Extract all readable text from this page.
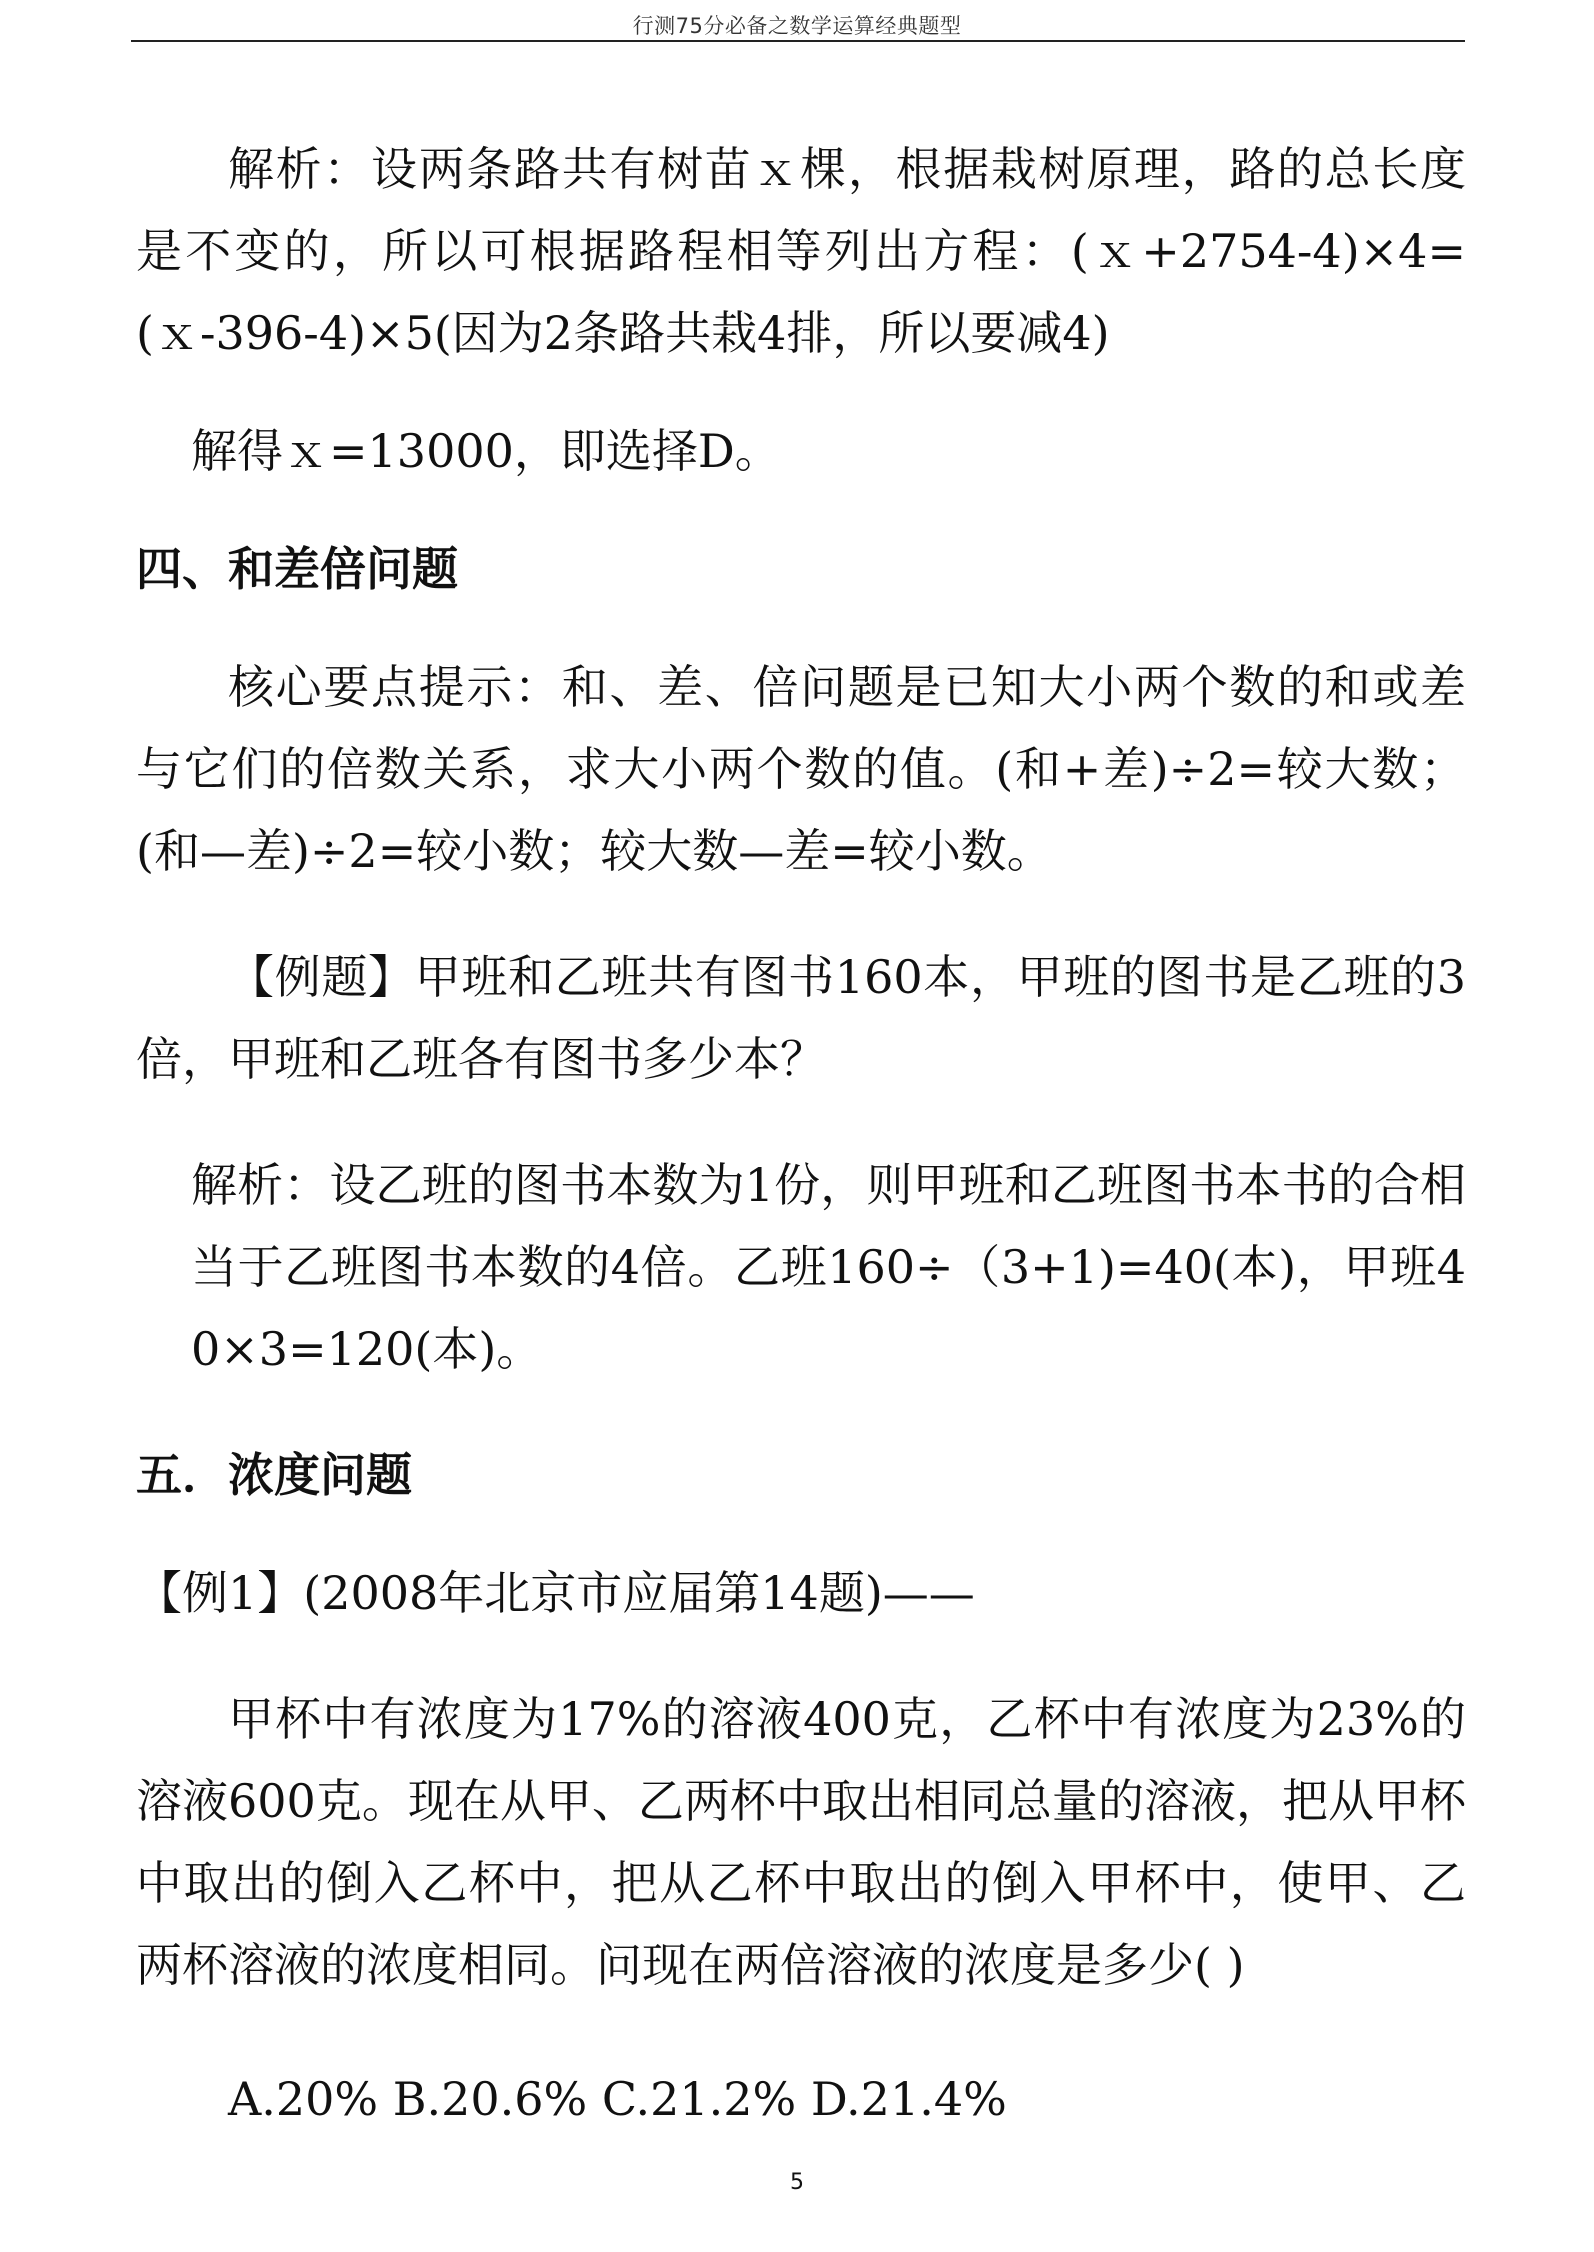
行测75分必备之数学运算经典题型

解析：设两条路共有树苗ｘ棵，根据栽树原理，路的总长度是不变的，所以可根据路程相等列出方程：(ｘ+2754-4)×4=(ｘ-396-4)×5(因为2条路共栽4排，所以要减4)

解得ｘ=13000，即选择D。

四、和差倍问题

核心要点提示：和、差、倍问题是已知大小两个数的和或差与它们的倍数关系，求大小两个数的值。(和+差)÷2=较大数；(和—差)÷2=较小数；较大数—差=较小数。

【例题】甲班和乙班共有图书160本，甲班的图书是乙班的3倍，甲班和乙班各有图书多少本？

解析：设乙班的图书本数为1份，则甲班和乙班图书本书的合相当于乙班图书本数的4倍。乙班160÷（3+1)=40(本)，甲班40×3=120(本)。

五．浓度问题

【例1】(2008年北京市应届第14题)——

甲杯中有浓度为17%的溶液400克，乙杯中有浓度为23%的溶液600克。现在从甲、乙两杯中取出相同总量的溶液，把从甲杯中取出的倒入乙杯中，把从乙杯中取出的倒入甲杯中，使甲、乙两杯溶液的浓度相同。问现在两倍溶液的浓度是多少( )

A.20% B.20.6% C.21.2% D.21.4%

5
